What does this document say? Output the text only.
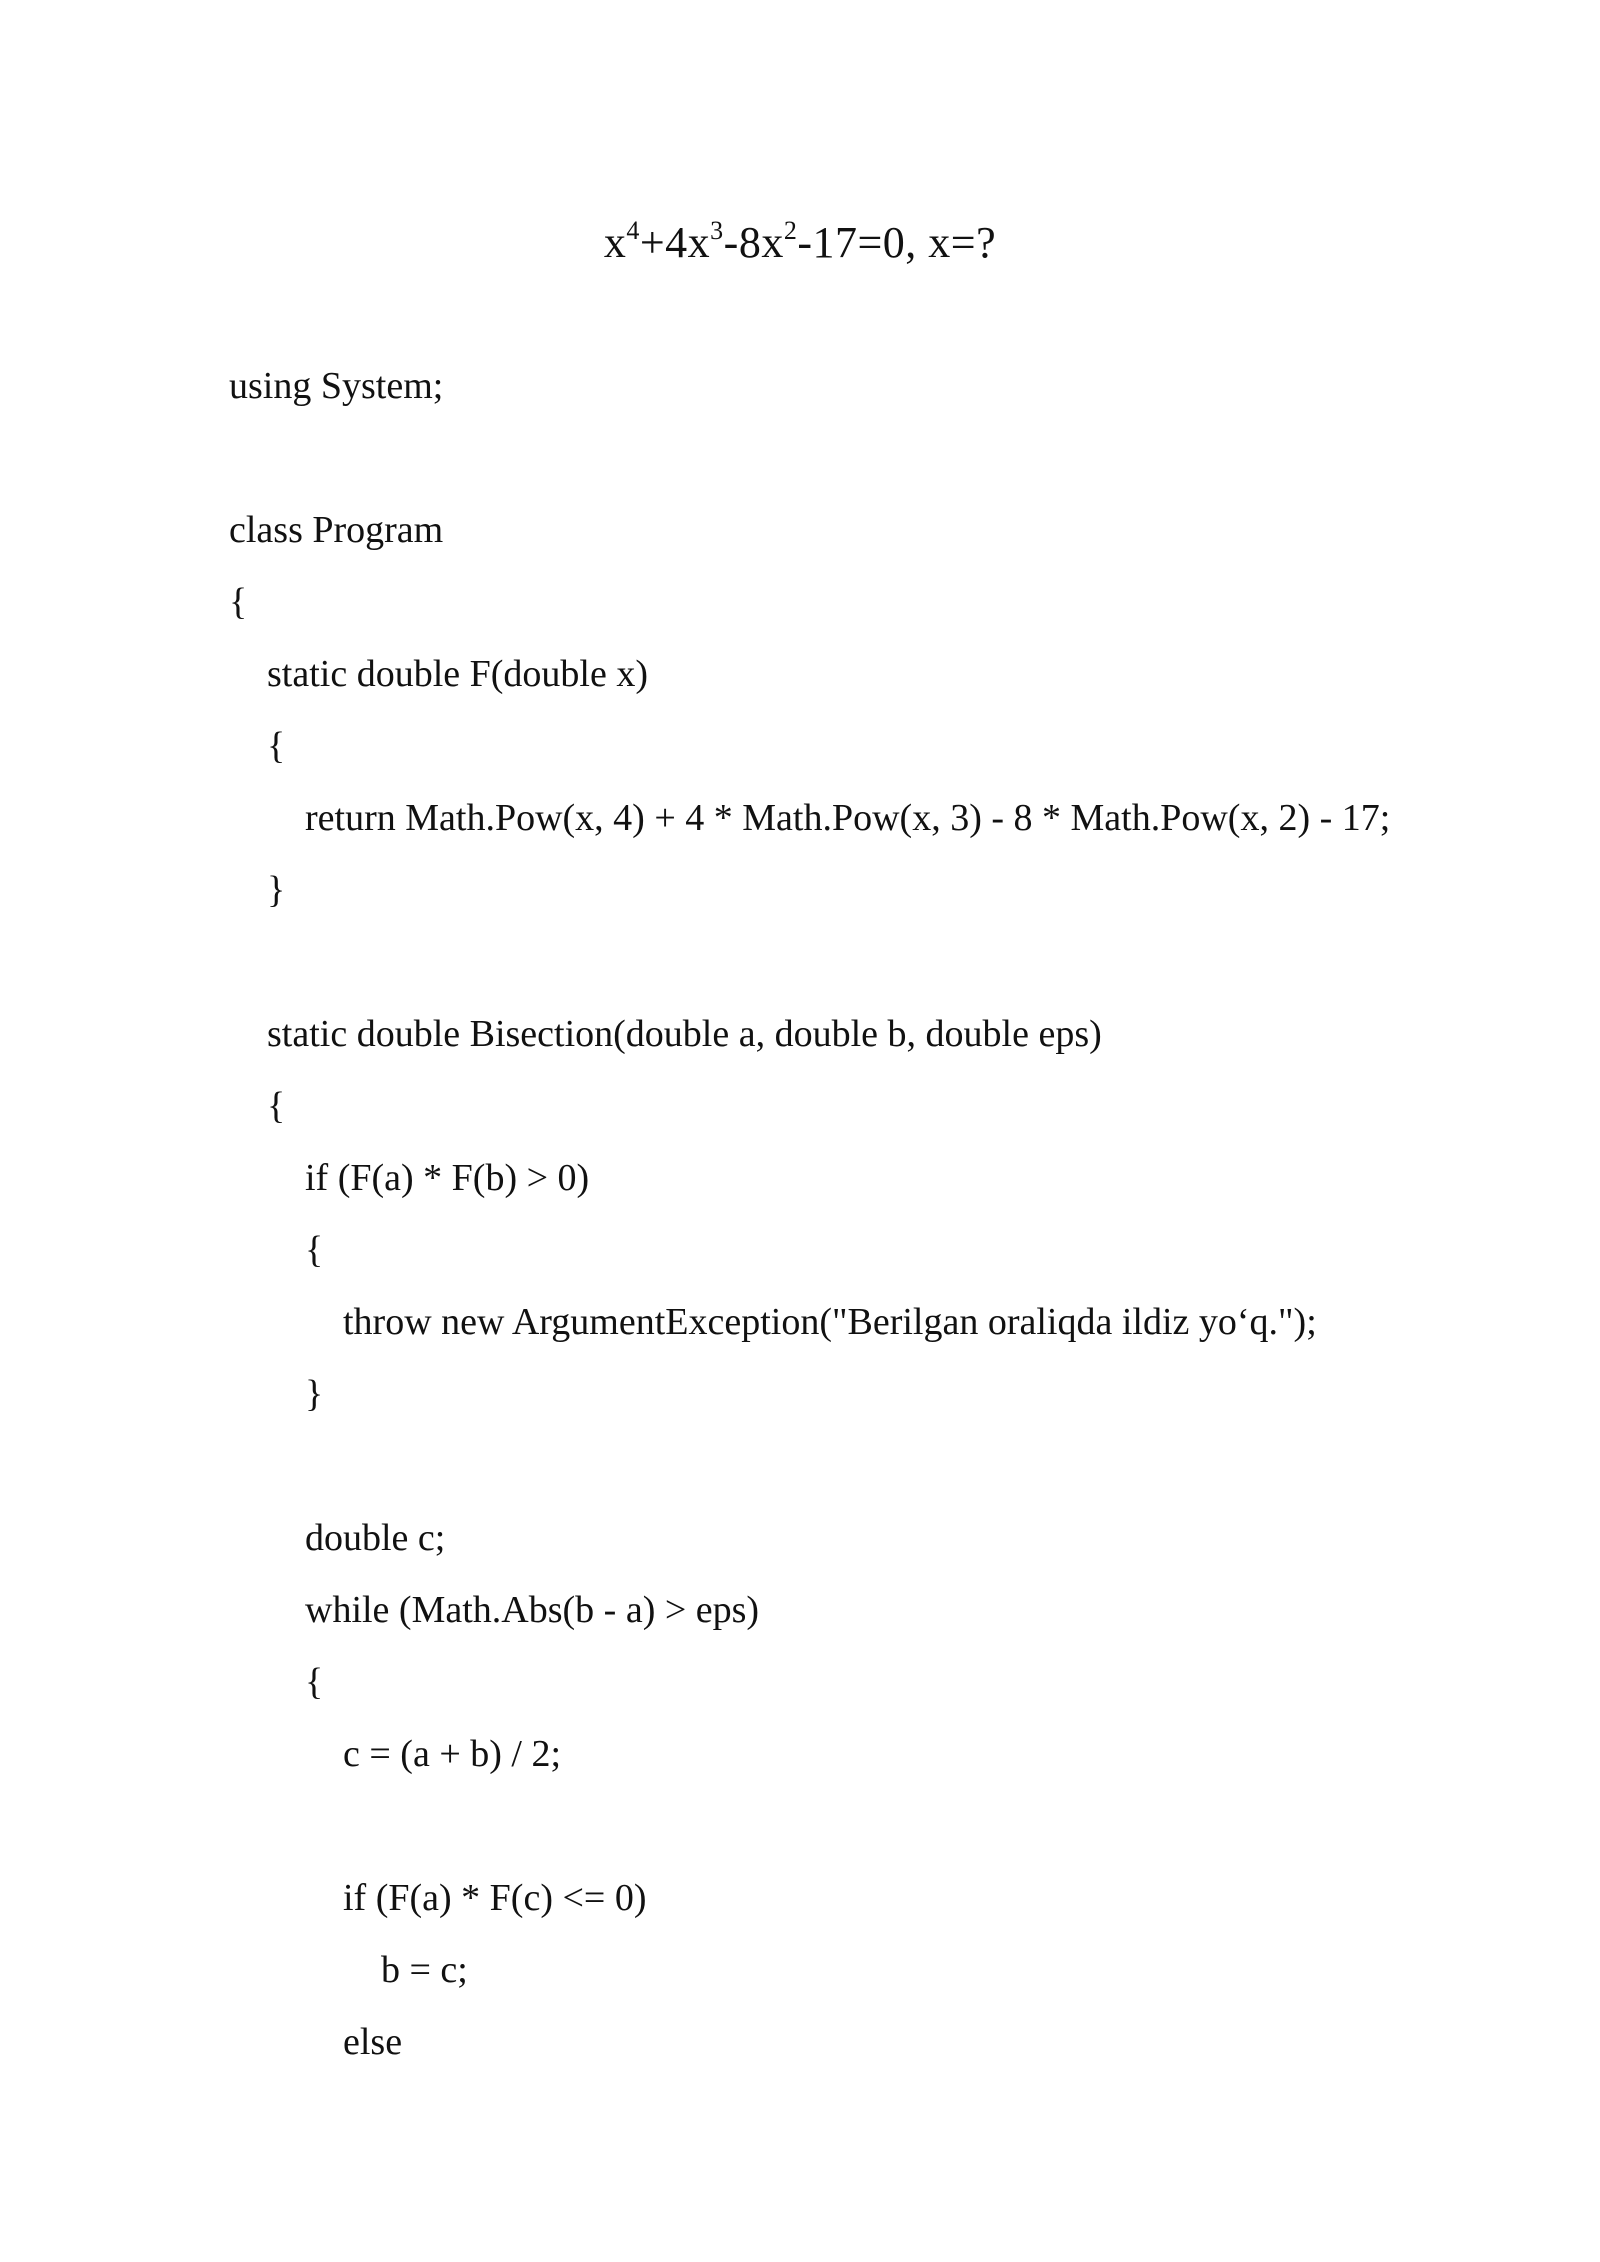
$x^4+4x^3-8x^2-17=0$, x=?
using System;
class Program
{
static double F(double x)
{
return Math.Pow(x, 4) + 4 * Math.Pow(x, 3) - 8 * Math.Pow(x, 2) - 17;
}
static double Bisection(double a, double b, double eps)
{
if (F(a) * F(b) > 0)
{
throw new ArgumentException("Berilgan oraliqda ildiz yo‘q.");
}
double c;
while (Math.Abs(b - a) > eps)
{
c = (a + b) / 2;
if (F(a) * F(c) <= 0)
b = c;
else
